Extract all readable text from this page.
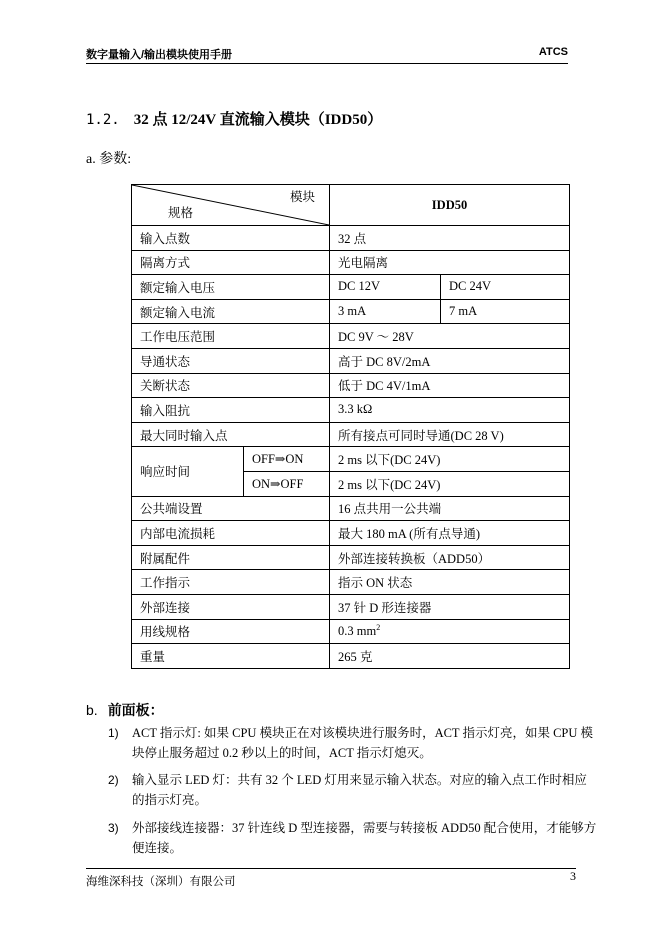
数字量输入/输出模块使用手册	ATCS
1.2. 32 点 12/24V 直流输入模块（IDD50）
a. 参数:
模块
规格		IDD50	
输入点数		32 点	
隔离方式		光电隔离	
额定输入电压		DC 12V	DC 24V
额定输入电流		3 mA	7 mA
工作电压范围		DC 9V ～ 28V	
导通状态		高于 DC 8V/2mA	
关断状态		低于 DC 4V/1mA	
输入阻抗		3.3 kΩ	
最大同时输入点		所有接点可同时导通(DC 28 V)	
响应时间	OFF⇒ON	2 ms 以下(DC 24V)	
	ON⇒OFF	2 ms 以下(DC 24V)	
公共端设置		16 点共用一公共端	
内部电流损耗		最大 180 mA (所有点导通)	
附属配件		外部连接转换板（ADD50）	
工作指示		指示 ON 状态	
外部连接		37 针 D 形连接器	
用线规格		0.3 $mm^2$
重量		265 克	
b. 前面板：
1) ACT 指示灯: 如果 CPU 模块正在对该模块进行服务时，ACT 指示灯亮，如果 CPU 模块停止服务超过 0.2 秒以上的时间，ACT 指示灯熄灭。
2) 输入显示 LED 灯：共有 32 个 LED 灯用来显示输入状态。对应的输入点工作时相应的指示灯亮。
3) 外部接线连接器：37 针连线 D 型连接器，需要与转接板 ADD50 配合使用，才能够方便连接。
海维深科技（深圳）有限公司	3
